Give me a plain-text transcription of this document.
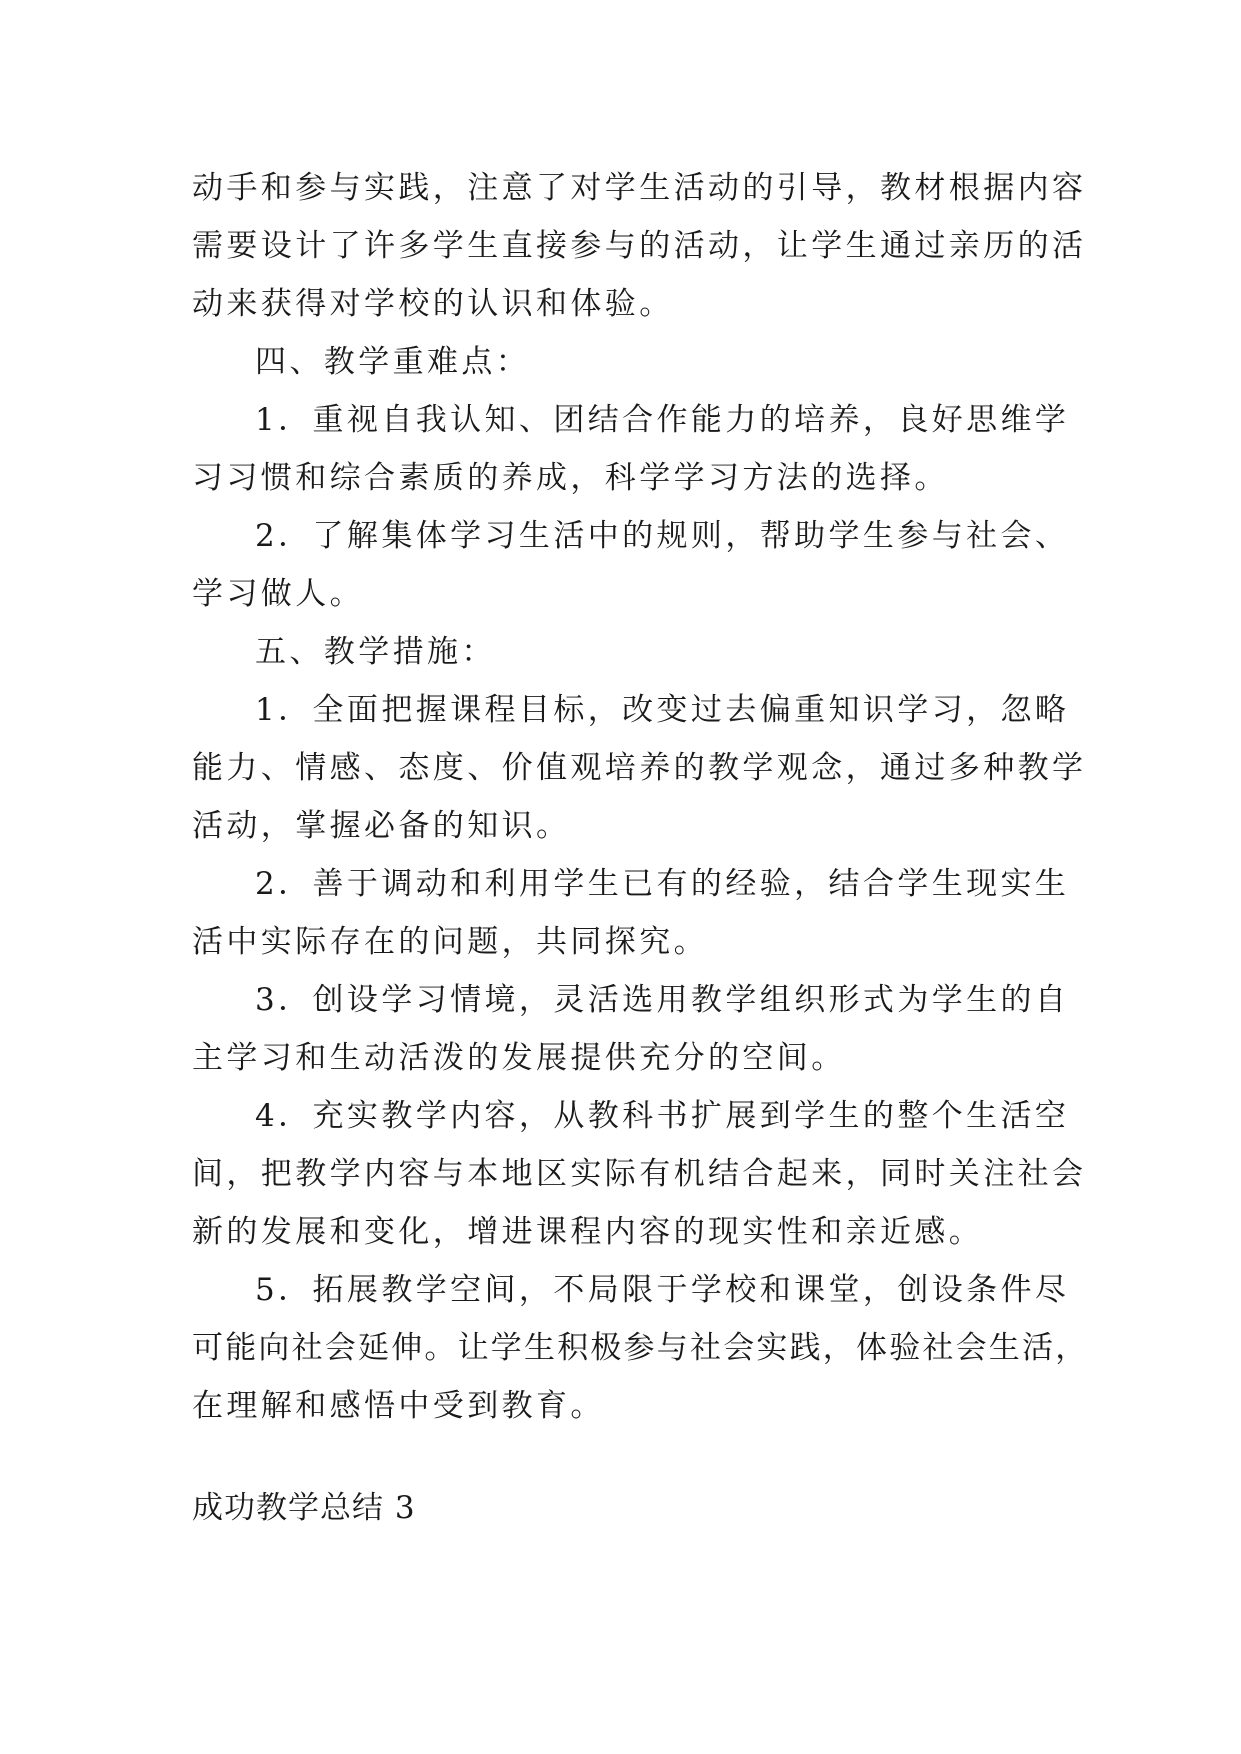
动手和参与实践，注意了对学生活动的引导，教材根据内容
需要设计了许多学生直接参与的活动，让学生通过亲历的活
动来获得对学校的认识和体验。
四、教学重难点：
1．重视自我认知、团结合作能力的培养，良好思维学
习习惯和综合素质的养成，科学学习方法的选择。
2．了解集体学习生活中的规则，帮助学生参与社会、
学习做人。
五、教学措施：
1．全面把握课程目标，改变过去偏重知识学习，忽略
能力、情感、态度、价值观培养的教学观念，通过多种教学
活动，掌握必备的知识。
2．善于调动和利用学生已有的经验，结合学生现实生
活中实际存在的问题，共同探究。
3．创设学习情境，灵活选用教学组织形式为学生的自
主学习和生动活泼的发展提供充分的空间。
4．充实教学内容，从教科书扩展到学生的整个生活空
间，把教学内容与本地区实际有机结合起来，同时关注社会
新的发展和变化，增进课程内容的现实性和亲近感。
5．拓展教学空间，不局限于学校和课堂，创设条件尽
可能向社会延伸。让学生积极参与社会实践，体验社会生活，
在理解和感悟中受到教育。
成功教学总结 3
